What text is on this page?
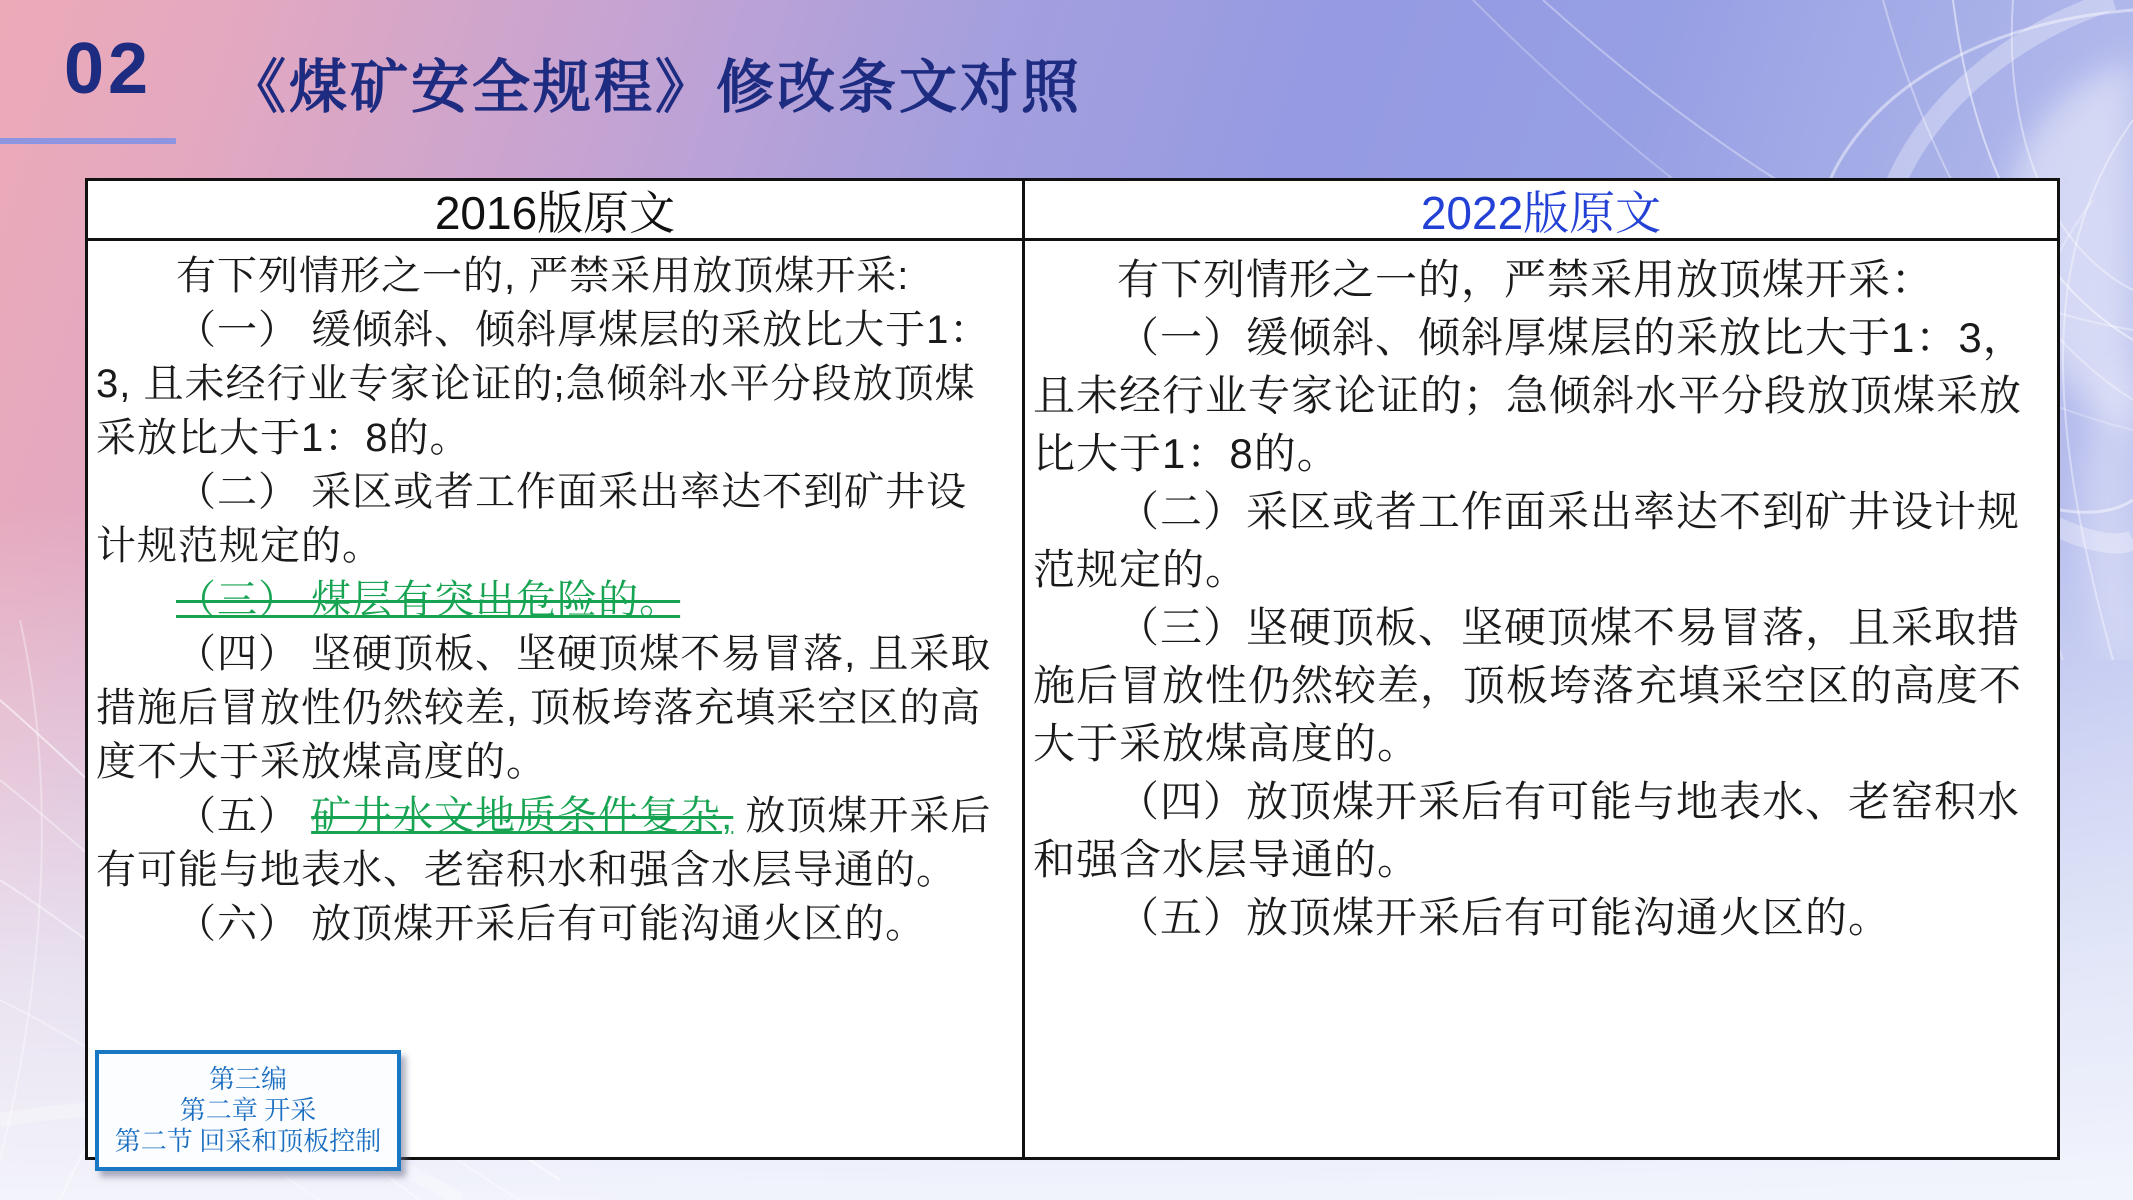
02 《煤矿安全规程》修改条文对照
2016版原文	2022版原文

有下列情形之一的, 严禁采用放顶煤开采:

（一） 缓倾斜、倾斜厚煤层的采放比大于1：3, 且未经行业专家论证的;急倾斜水平分段放顶煤采放比大于1：8的。

（二） 采区或者工作面采出率达不到矿井设计规范规定的。

（三） 煤层有突出危险的。

（四） 坚硬顶板、坚硬顶煤不易冒落, 且采取措施后冒放性仍然较差, 顶板垮落充填采空区的高度不大于采放煤高度的。

（五） 矿井水文地质条件复杂, 放顶煤开采后有可能与地表水、老窑积水和强含水层导通的。

（六） 放顶煤开采后有可能沟通火区的。

有下列情形之一的，严禁采用放顶煤开采：

（一）缓倾斜、倾斜厚煤层的采放比大于1：3，且未经行业专家论证的；急倾斜水平分段放顶煤采放比大于1：8的。

（二）采区或者工作面采出率达不到矿井设计规范规定的。

（三）坚硬顶板、坚硬顶煤不易冒落，且采取措施后冒放性仍然较差，顶板垮落充填采空区的高度不大于采放煤高度的。

（四）放顶煤开采后有可能与地表水、老窑积水和强含水层导通的。

（五）放顶煤开采后有可能沟通火区的。

第三编
第二章 开采
第二节 回采和顶板控制
